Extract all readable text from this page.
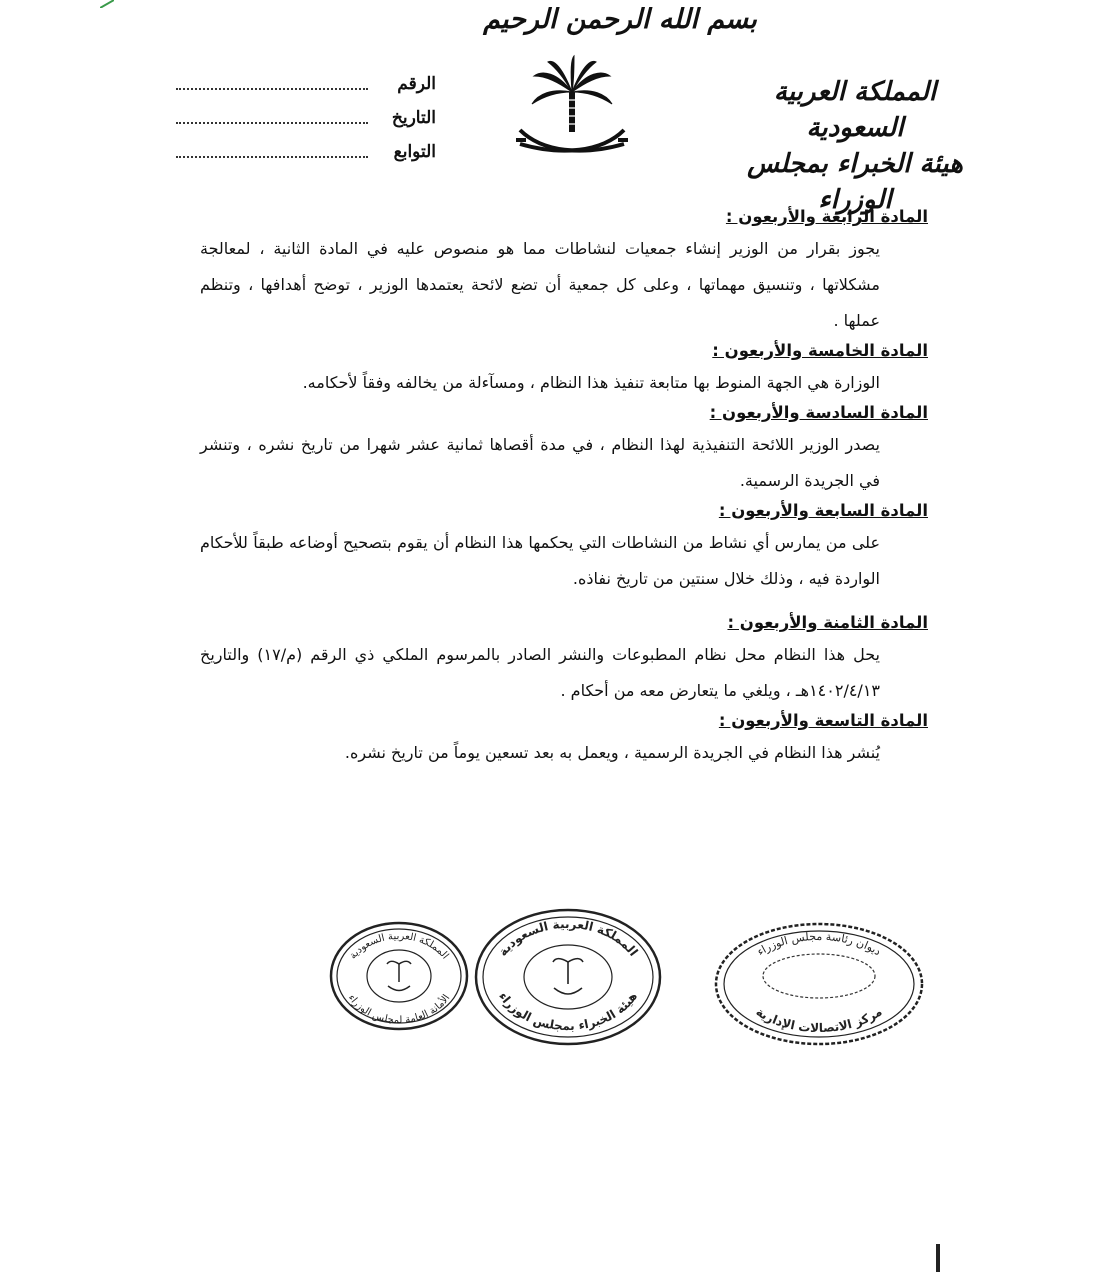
بسم الله الرحمن الرحيم
الرقم
التاريخ
التوابع
المملكة العربية السعودية
هيئة الخبراء بمجلس الوزراء

المادة الرابعة والأربعون :

يجوز بقرار من الوزير إنشاء جمعيات لنشاطات مما هو منصوص عليه في المادة الثانية ، لمعالجة مشكلاتها ، وتنسيق مهماتها ، وعلى كل جمعية أن تضع لائحة يعتمدها الوزير ، توضح أهدافها ، وتنظم عملها .

المادة الخامسة والأربعون :

الوزارة هي الجهة المنوط بها متابعة تنفيذ هذا النظام ، ومسآءلة من يخالفه وفقاً لأحكامه.

المادة السادسة والأربعون :

يصدر الوزير اللائحة التنفيذية لهذا النظام ، في مدة أقصاها ثمانية عشر شهرا من تاريخ نشره ، وتنشر في الجريدة الرسمية.

المادة السابعة والأربعون :

على من يمارس أي نشاط من النشاطات التي يحكمها هذا النظام أن يقوم بتصحيح أوضاعه طبقاً للأحكام الواردة فيه ، وذلك خلال سنتين من تاريخ نفاذه.

المادة الثامنة والأربعون :

يحل هذا النظام محل نظام المطبوعات والنشر الصادر بالمرسوم الملكي ذي الرقم (م/١٧) والتاريخ ١٤٠٢/٤/١٣هـ ، ويلغي ما يتعارض معه من أحكام .

المادة التاسعة والأربعون :

يُنشر هذا النظام في الجريدة الرسمية ، ويعمل به بعد تسعين يوماً من تاريخ نشره.

المملكة العربية السعودية
الأمانة العامة لمجلس الوزراء
المملكة العربية السعودية
هيئة الخبراء بمجلس الوزراء
ديوان رئاسة مجلس الوزراء
مركز الاتصالات الإدارية
